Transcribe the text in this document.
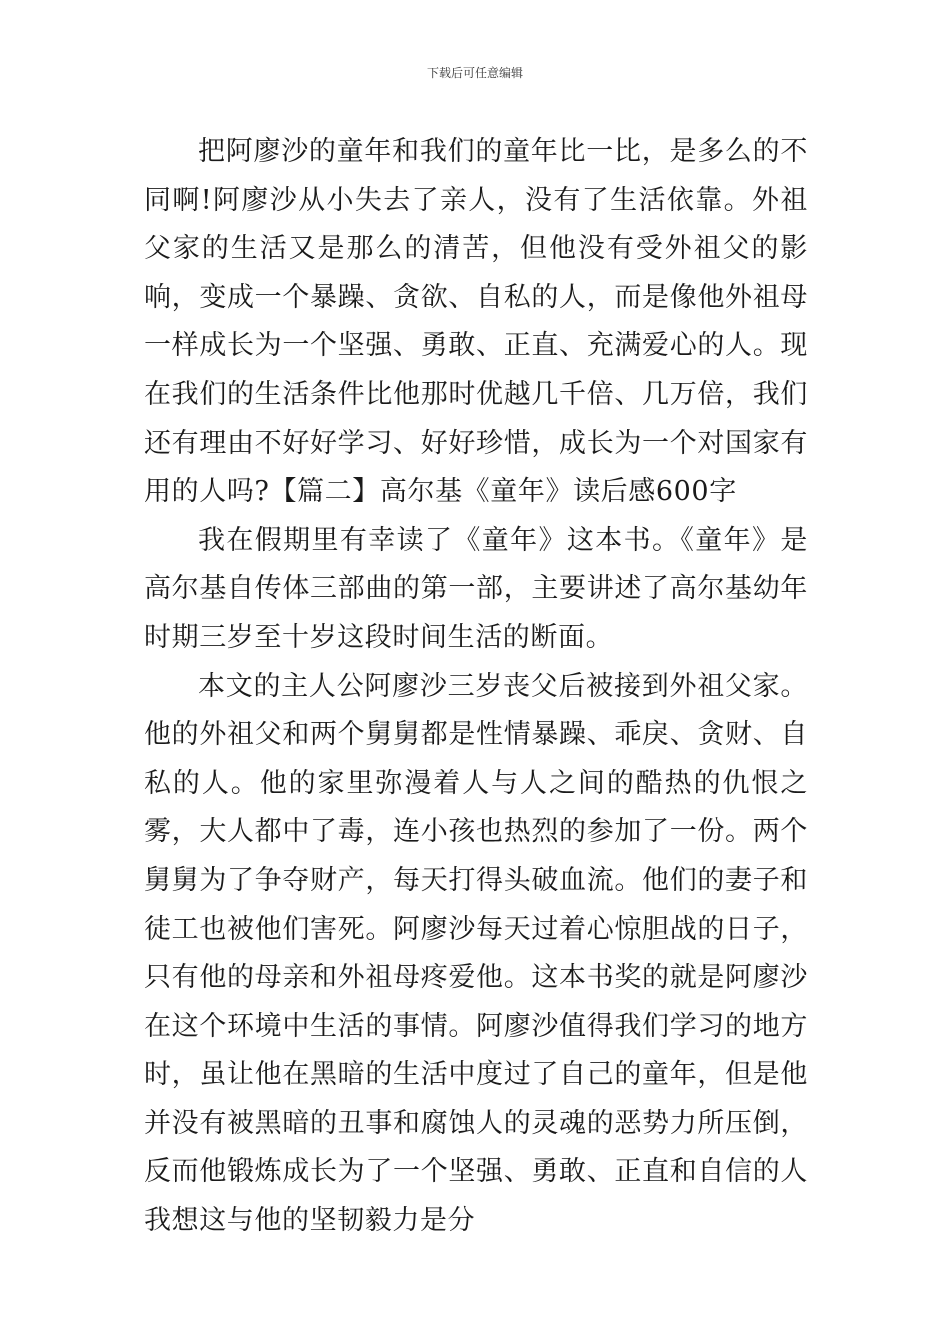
下载后可任意编辑

把阿廖沙的童年和我们的童年比一比，是多么的不同啊!阿廖沙从小失去了亲人，没有了生活依靠。外祖父家的生活又是那么的清苦，但他没有受外祖父的影响，变成一个暴躁、贪欲、自私的人，而是像他外祖母一样成长为一个坚强、勇敢、正直、充满爱心的人。现在我们的生活条件比他那时优越几千倍、几万倍，我们还有理由不好好学习、好好珍惜，成长为一个对国家有用的人吗?【篇二】高尔基《童年》读后感600字

我在假期里有幸读了《童年》这本书。《童年》是高尔基自传体三部曲的第一部，主要讲述了高尔基幼年时期三岁至十岁这段时间生活的断面。

本文的主人公阿廖沙三岁丧父后被接到外祖父家。他的外祖父和两个舅舅都是性情暴躁、乖戾、贪财、自私的人。他的家里弥漫着人与人之间的酷热的仇恨之雾，大人都中了毒，连小孩也热烈的参加了一份。两个舅舅为了争夺财产，每天打得头破血流。他们的妻子和徒工也被他们害死。阿廖沙每天过着心惊胆战的日子，只有他的母亲和外祖母疼爱他。这本书奖的就是阿廖沙在这个环境中生活的事情。阿廖沙值得我们学习的地方时，虽让他在黑暗的生活中度过了自己的童年，但是他并没有被黑暗的丑事和腐蚀人的灵魂的恶势力所压倒，反而他锻炼成长为了一个坚强、勇敢、正直和自信的人我想这与他的坚韧毅力是分
